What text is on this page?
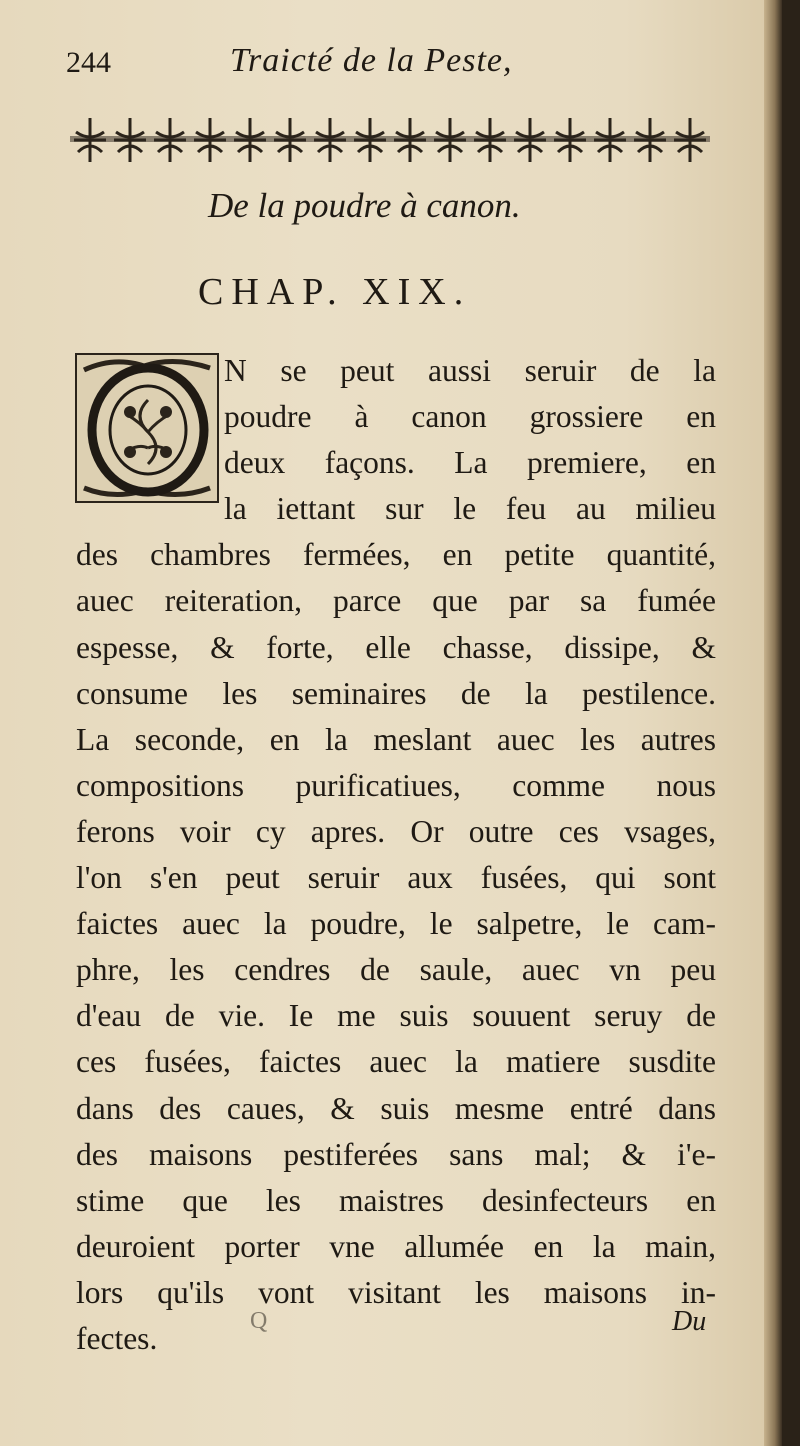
244	Traicté de la Peste,
De la poudre à canon.
CHAP. XIX.
N se peut aussi seruir de la
poudre à canon grossiere en
deux façons. La premiere, en
la iettant sur le feu au milieu
des chambres fermées, en petite quantité,
auec reiteration, parce que par sa fumée
espesse, & forte, elle chasse, dissipe, &
consume les seminaires de la pestilence.
La seconde, en la meslant auec les autres
compositions purificatiues, comme nous
ferons voir cy apres. Or outre ces vsages,
l'on s'en peut seruir aux fusées, qui sont
faictes auec la poudre, le salpetre, le cam-
phre, les cendres de saule, auec vn peu
d'eau de vie. Ie me suis souuent seruy de
ces fusées, faictes auec la matiere susdite
dans des caues, & suis mesme entré dans
des maisons pestiferées sans mal; & i'e-
stime que les maistres desinfecteurs en
deuroient porter vne allumée en la main,
lors qu'ils vont visitant les maisons in-
fectes.	Q	Du
